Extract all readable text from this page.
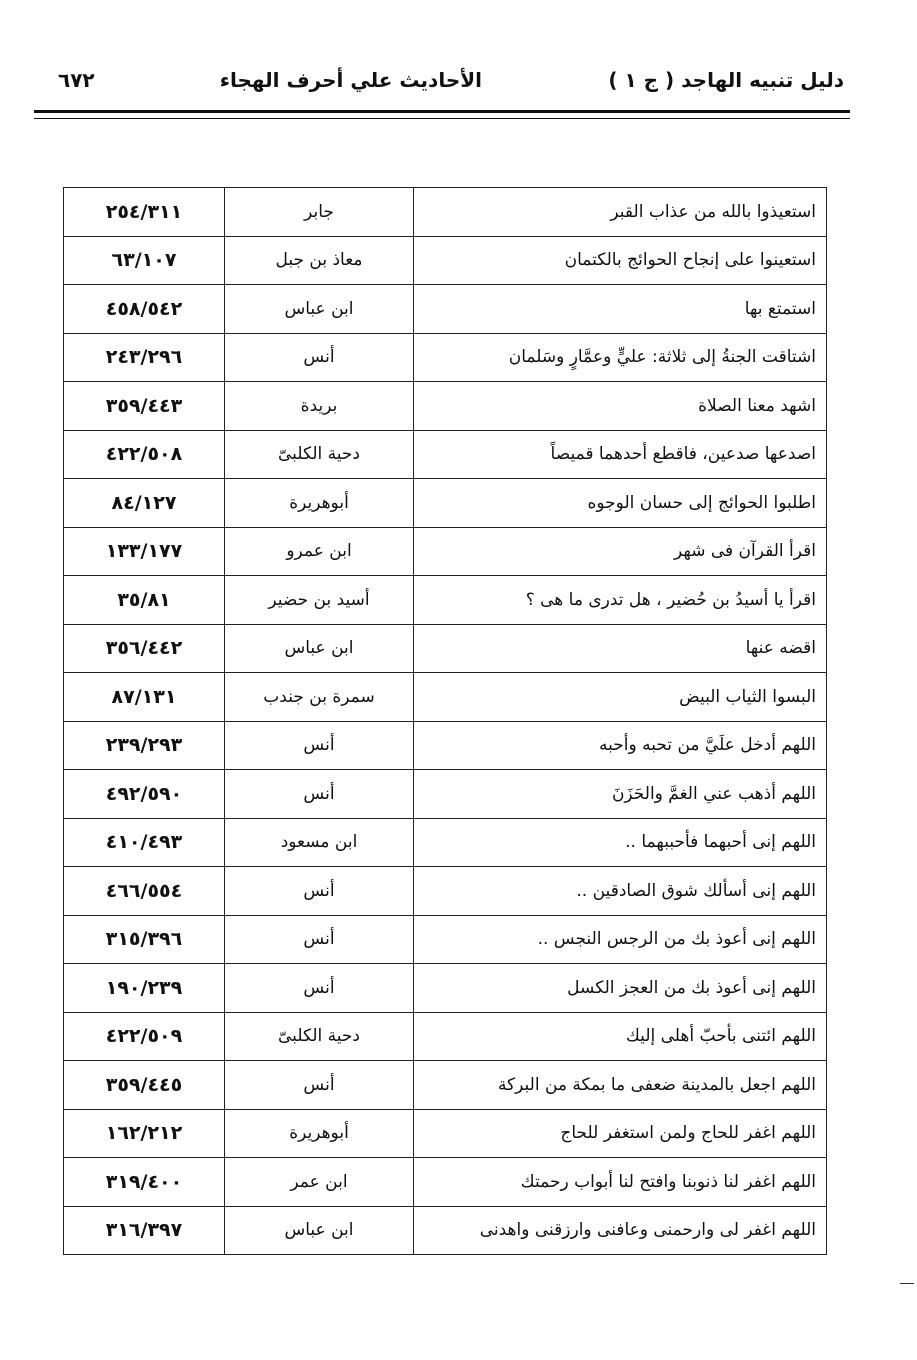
دليل تنبيه الهاجد ( ج ١ )
الأحاديث علي أحرف الهجاء
٦٧٢
استعيذوا بالله من عذاب القبر	جابر	٢٥٤/٣١١
استعينوا على إنجاح الحوائج بالكتمان	معاذ بن جبل	٦٣/١٠٧
استمتع بها	ابن عباس	٤٥٨/٥٤٢
اشتاقت الجنةُ إلى ثلاثة: عليٍّ وعمَّارٍ وسَلمان	أنس	٢٤٣/٢٩٦
اشهد معنا الصلاة	بريدة	٣٥٩/٤٤٣
اصدعها صدعين، فاقطع أحدهما قميصاً	دحية الكلبىّ	٤٢٢/٥٠٨
اطلبوا الحوائج إلى حسان الوجوه	أبوهريرة	٨٤/١٢٧
اقرأ القرآن فى شهر	ابن عمرو	١٣٣/١٧٧
اقرأ يا أسيدُ بن حُضير ، هل تدرى ما هى ؟	أسيد بن حضير	٣٥/٨١
اقضه عنها	ابن عباس	٣٥٦/٤٤٢
البسوا الثياب البيض	سمرة بن جندب	٨٧/١٣١
اللهم أدخل علَيَّ من تحبه وأحبه	أنس	٢٣٩/٢٩٣
اللهم أذهب عني الغمَّ والحَزَنَ	أنس	٤٩٢/٥٩٠
اللهم إنى أحبهما فأحببهما ..	ابن مسعود	٤١٠/٤٩٣
اللهم إنى أسألك شوق الصادقين ..	أنس	٤٦٦/٥٥٤
اللهم إنى أعوذ بك من الرجس النجس ..	أنس	٣١٥/٣٩٦
اللهم إنى أعوذ بك من العجز الكسل	أنس	١٩٠/٢٣٩
اللهم ائتنى بأحبّ أهلى إليك	دحية الكلبىّ	٤٢٢/٥٠٩
اللهم اجعل بالمدينة ضعفى ما بمكة من البركة	أنس	٣٥٩/٤٤٥
اللهم اغفر للحاج ولمن استغفر للحاج	أبوهريرة	١٦٢/٢١٢
اللهم اغفر لنا ذنوبنا وافتح لنا أبواب رحمتك	ابن عمر	٣١٩/٤٠٠
اللهم اغفر لى وارحمنى وعافنى وارزقنى واهدنى	ابن عباس	٣١٦/٣٩٧
